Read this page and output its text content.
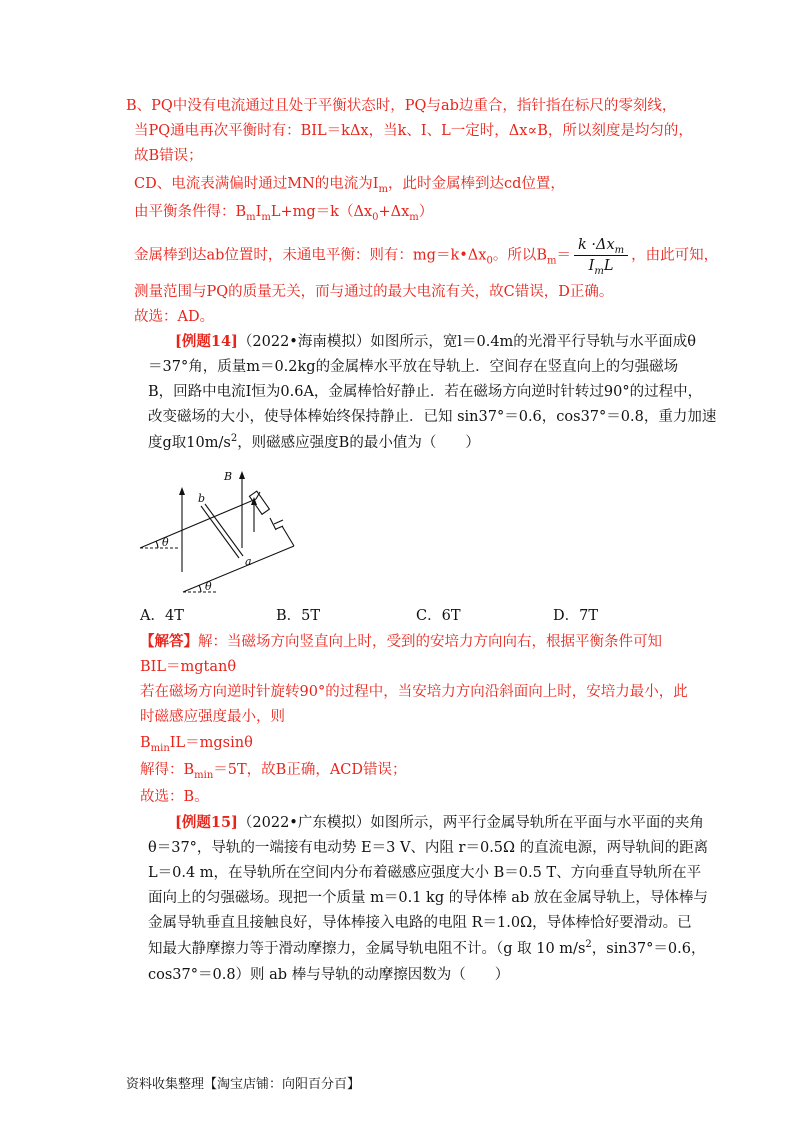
B、PQ中没有电流通过且处于平衡状态时，PQ与ab边重合，指针指在标尺的零刻线，
当PQ通电再次平衡时有：BIL＝kΔx，当k、I、L一定时，Δx∝B，所以刻度是均匀的，
故B错误；
CD、电流表满偏时通过MN的电流为$I_m$，此时金属棒到达cd位置，
由平衡条件得：$B_mI_mL+mg=k(\Delta x_0+\Delta x_m)$
金属棒到达ab位置时，未通电平衡：则有：$mg=k•\Delta x_0$。所以$B_m= \frac{k \cdot\Delta x_m}{I_mL}$ ，由此可知，
测量范围与PQ的质量无关，而与通过的最大电流有关，故C错误，D正确。
故选：AD。
[例题14]（2022•海南模拟）如图所示，宽l＝0.4m的光滑平行导轨与水平面成θ
＝37°角，质量m＝0.2kg的金属棒水平放在导轨上．空间存在竖直向上的匀强磁场
B，回路中电流I恒为0.6A，金属棒恰好静止．若在磁场方向逆时针转过90°的过程中，
改变磁场的大小，使导体棒始终保持静止．已知 sin37°＝0.6，cos37°＝0.8，重力加速
度g取$10m/s^2$，则磁感应强度B的最小值为（　　）
B
b
a
θ
θ
A．4T	B．5T	C．6T	D．7T
【解答】解：当磁场方向竖直向上时，受到的安培力方向向右，根据平衡条件可知
BIL＝mgtanθ
若在磁场方向逆时针旋转90°的过程中，当安培力方向沿斜面向上时，安培力最小，此
时磁感应强度最小，则
$B_{min}IL=mgsin\theta$
解得：$B_{min}=5T$，故B正确，ACD错误；
故选：B。
[例题15]（2022•广东模拟）如图所示，两平行金属导轨所在平面与水平面的夹角
θ＝37°，导轨的一端接有电动势 E＝3 V、内阻 r＝0.5Ω 的直流电源，两导轨间的距离
L＝0.4 m，在导轨所在空间内分布着磁感应强度大小 B＝0.5 T、方向垂直导轨所在平
面向上的匀强磁场。现把一个质量 m＝0.1 kg 的导体棒 ab 放在金属导轨上，导体棒与
金属导轨垂直且接触良好，导体棒接入电路的电阻 R＝1.0Ω，导体棒恰好要滑动。已
知最大静摩擦力等于滑动摩擦力，金属导轨电阻不计。（g 取 10 $m/s^2$，sin37°＝0.6，
cos37°＝0.8）则 ab 棒与导轨的动摩擦因数为（　　）
资料收集整理【淘宝店铺：向阳百分百】
